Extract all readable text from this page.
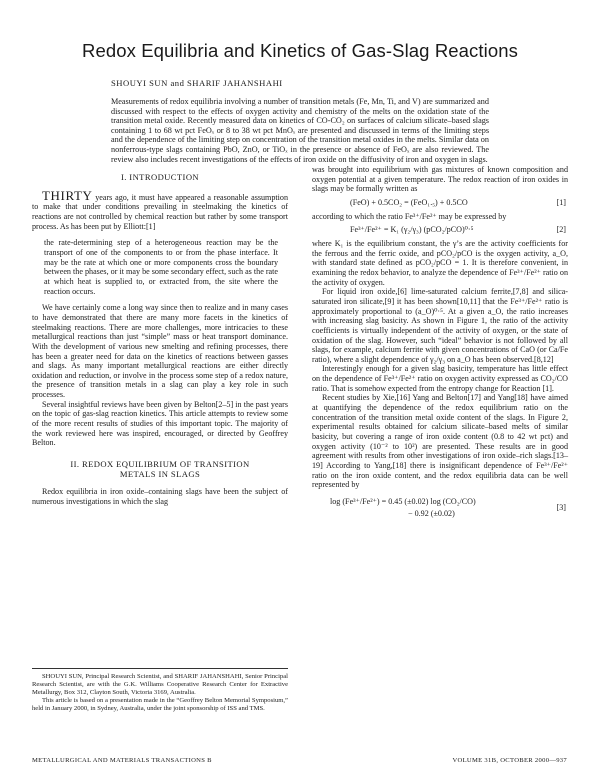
Redox Equilibria and Kinetics of Gas-Slag Reactions

SHOUYI SUN and SHARIF JAHANSHAHI

Measurements of redox equilibria involving a number of transition metals (Fe, Mn, Ti, and V) are summarized and discussed with respect to the effects of oxygen activity and chemistry of the melts on the oxidation state of the transition metal oxide. Recently measured data on kinetics of CO-CO₂ on surfaces of calcium silicate–based slags containing 1 to 68 wt pct FeOₓ or 8 to 38 wt pct MnOₓ are presented and discussed in terms of the limiting steps and the dependence of the limiting step on concentration of the transition metal oxides in the melts. Similar data on nonferrous-type slags containing PbO, ZnO, or TiOₓ in the presence or absence of FeOₓ are also reviewed. The review also includes recent investigations of the effects of iron oxide on the diffusivity of iron and oxygen in slags.

I. INTRODUCTION

THIRTY years ago, it must have appeared a reasonable assumption to make that under conditions prevailing in steelmaking the kinetics of reactions are not controlled by chemical reaction but rather by some transport process. As has been put by Elliott:[1]

the rate-determining step of a heterogeneous reaction may be the transport of one of the components to or from the phase interface. It may be the rate at which one or more components cross the boundary between the phases, or it may be some secondary effect, such as the rate at which heat is supplied to, or extracted from, the site where the reaction occurs.

We have certainly come a long way since then to realize and in many cases to have demonstrated that there are many more facets in the kinetics of steelmaking reactions. There are more challenges, more intricacies to these metallurgical reactions than just “simple” mass or heat transport dominance. With the development of various new smelting and refining processes, there has been a greater need for data on the kinetics of reactions between gasses and slags. As many important metallurgical reactions are either directly oxidation and reduction, or involve in the process some step of a redox nature, the presence of transition metals in a slag can play a key role in such processes.

Several insightful reviews have been given by Belton[2–5] in the past years on the topic of gas-slag reaction kinetics. This article attempts to review some of the more recent results of studies of this important topic. The majority of the work reviewed here was inspired, encouraged, or directed by Geoffrey Belton.

II. REDOX EQUILIBRIUM OF TRANSITION
METALS IN SLAGS

Redox equilibria in iron oxide–containing slags have been the subject of numerous investigations in which the slag

SHOUYI SUN, Principal Research Scientist, and SHARIF JAHANSHAHI, Senior Principal Research Scientist, are with the G.K. Williams Cooperative Research Center for Extractive Metallurgy, Box 312, Clayton South, Victoria 3169, Australia.

This article is based on a presentation made in the “Geoffrey Belton Memorial Symposium,” held in January 2000, in Sydney, Australia, under the joint sponsorship of ISS and TMS.

was brought into equilibrium with gas mixtures of known composition and oxygen potential at a given temperature. The redox reaction of iron oxides in slags may be formally written as

(FeO) + 0.5CO₂ = (FeO₁.₅) + 0.5CO	[1]

according to which the ratio Fe³⁺/Fe²⁺ may be expressed by

Fe³⁺/Fe²⁺ = K₁ (γ₂/γ₃) (pCO₂/pCO)⁰·⁵	[2]

where K₁ is the equilibrium constant, the γ’s are the activity coefficients for the ferrous and the ferric oxide, and pCO₂/pCO is the oxygen activity, a_O, with standard state defined as pCO₂/pCO = 1. It is therefore convenient, in examining the redox behavior, to analyze the dependence of Fe³⁺/Fe²⁺ ratio on the activity of oxygen.

For liquid iron oxide,[6] lime-saturated calcium ferrite,[7,8] and silica-saturated iron silicate,[9] it has been shown[10,11] that the Fe³⁺/Fe²⁺ ratio is approximately proportional to (a_O)⁰·⁵. At a given a_O, the ratio increases with increasing slag basicity. As shown in Figure 1, the ratio of the activity coefficients is virtually independent of the activity of oxygen, or the state of oxidation of the slag. However, such “ideal” behavior is not followed by all slags, for example, calcium ferrite with given concentrations of CaO (or Ca/Fe ratio), where a slight dependence of γ₂/γ₃ on a_O has been observed.[8,12]

Interestingly enough for a given slag basicity, temperature has little effect on the dependence of Fe³⁺/Fe²⁺ ratio on oxygen activity expressed as CO₂/CO ratio. That is somehow expected from the entropy change for Reaction [1].

Recent studies by Xie,[16] Yang and Belton[17] and Yang[18] have aimed at quantifying the dependence of the redox equilibrium ratio on the concentration of the transition metal oxide content of the slags. In Figure 2, experimental results obtained for calcium silicate–based melts of similar basicity, but covering a range of iron oxide content (0.8 to 42 wt pct) and oxygen activity (10⁻² to 10²) are presented. These results are in good agreement with results from other investigations of iron oxide–rich slags.[13–19] According to Yang,[18] there is insignificant dependence of Fe³⁺/Fe²⁺ ratio on the iron oxide content, and the redox equilibria data can be well represented by

log (Fe³⁺/Fe²⁺) = 0.45 (±0.02) log (CO₂/CO)
− 0.92 (±0.02)
[3]
METALLURGICAL AND MATERIALS TRANSACTIONS B	VOLUME 31B, OCTOBER 2000—937
